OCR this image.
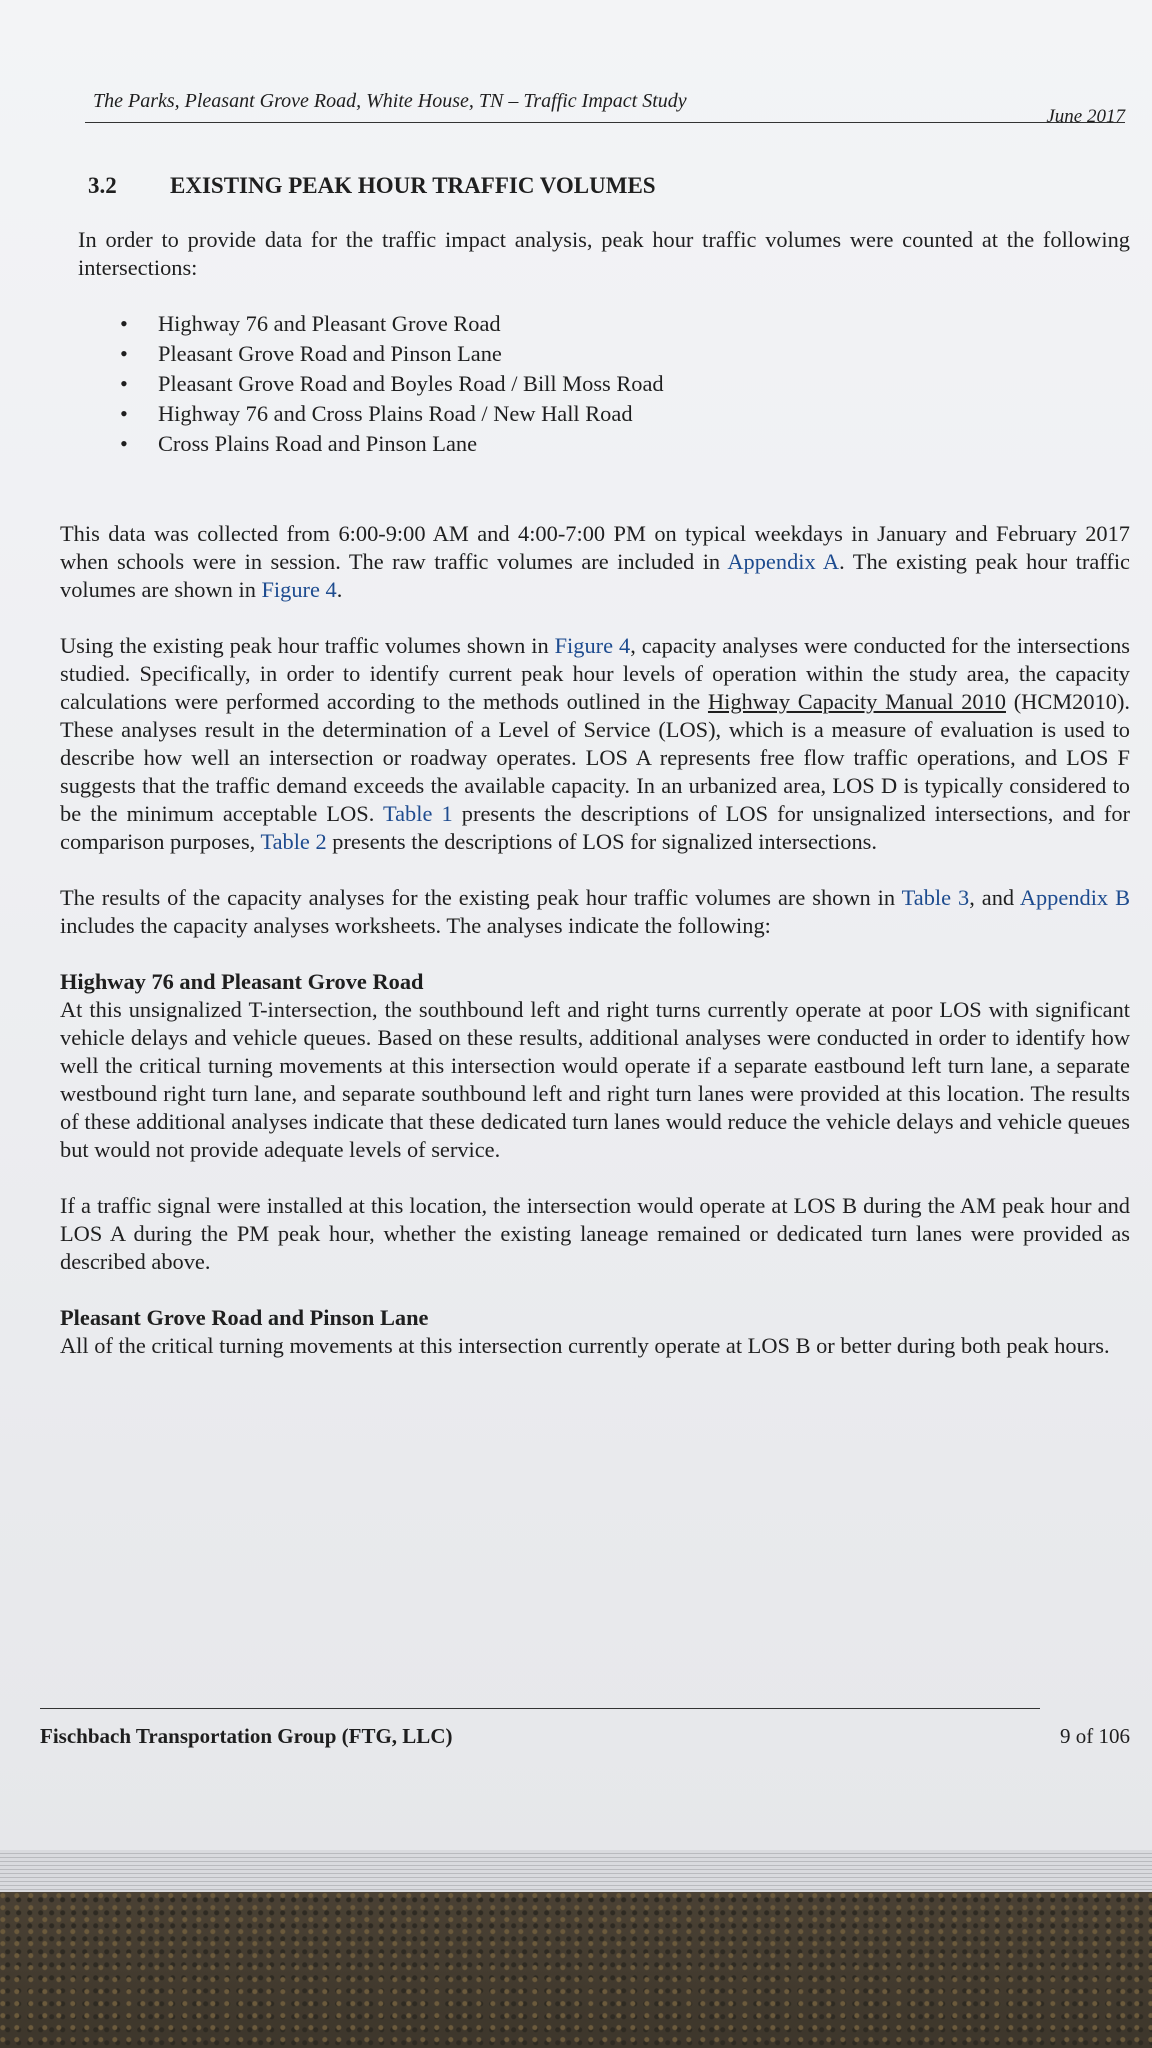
The Parks, Pleasant Grove Road, White House, TN – Traffic Impact Study
June 2017
3.2	EXISTING PEAK HOUR TRAFFIC VOLUMES

In order to provide data for the traffic impact analysis, peak hour traffic volumes were counted at the following intersections:

• Highway 76 and Pleasant Grove Road
• Pleasant Grove Road and Pinson Lane
• Pleasant Grove Road and Boyles Road / Bill Moss Road
• Highway 76 and Cross Plains Road / New Hall Road
• Cross Plains Road and Pinson Lane

This data was collected from 6:00-9:00 AM and 4:00-7:00 PM on typical weekdays in January and February 2017 when schools were in session. The raw traffic volumes are included in Appendix A. The existing peak hour traffic volumes are shown in Figure 4.

Using the existing peak hour traffic volumes shown in Figure 4, capacity analyses were conducted for the intersections studied. Specifically, in order to identify current peak hour levels of operation within the study area, the capacity calculations were performed according to the methods outlined in the Highway Capacity Manual 2010 (HCM2010). These analyses result in the determination of a Level of Service (LOS), which is a measure of evaluation is used to describe how well an intersection or roadway operates. LOS A represents free flow traffic operations, and LOS F suggests that the traffic demand exceeds the available capacity. In an urbanized area, LOS D is typically considered to be the minimum acceptable LOS. Table 1 presents the descriptions of LOS for unsignalized intersections, and for comparison purposes, Table 2 presents the descriptions of LOS for signalized intersections.

The results of the capacity analyses for the existing peak hour traffic volumes are shown in Table 3, and Appendix B includes the capacity analyses worksheets. The analyses indicate the following:

Highway 76 and Pleasant Grove Road

At this unsignalized T-intersection, the southbound left and right turns currently operate at poor LOS with significant vehicle delays and vehicle queues. Based on these results, additional analyses were conducted in order to identify how well the critical turning movements at this intersection would operate if a separate eastbound left turn lane, a separate westbound right turn lane, and separate southbound left and right turn lanes were provided at this location. The results of these additional analyses indicate that these dedicated turn lanes would reduce the vehicle delays and vehicle queues but would not provide adequate levels of service.

If a traffic signal were installed at this location, the intersection would operate at LOS B during the AM peak hour and LOS A during the PM peak hour, whether the existing laneage remained or dedicated turn lanes were provided as described above.

Pleasant Grove Road and Pinson Lane

All of the critical turning movements at this intersection currently operate at LOS B or better during both peak hours.

Fischbach Transportation Group (FTG, LLC)	9 of 106
